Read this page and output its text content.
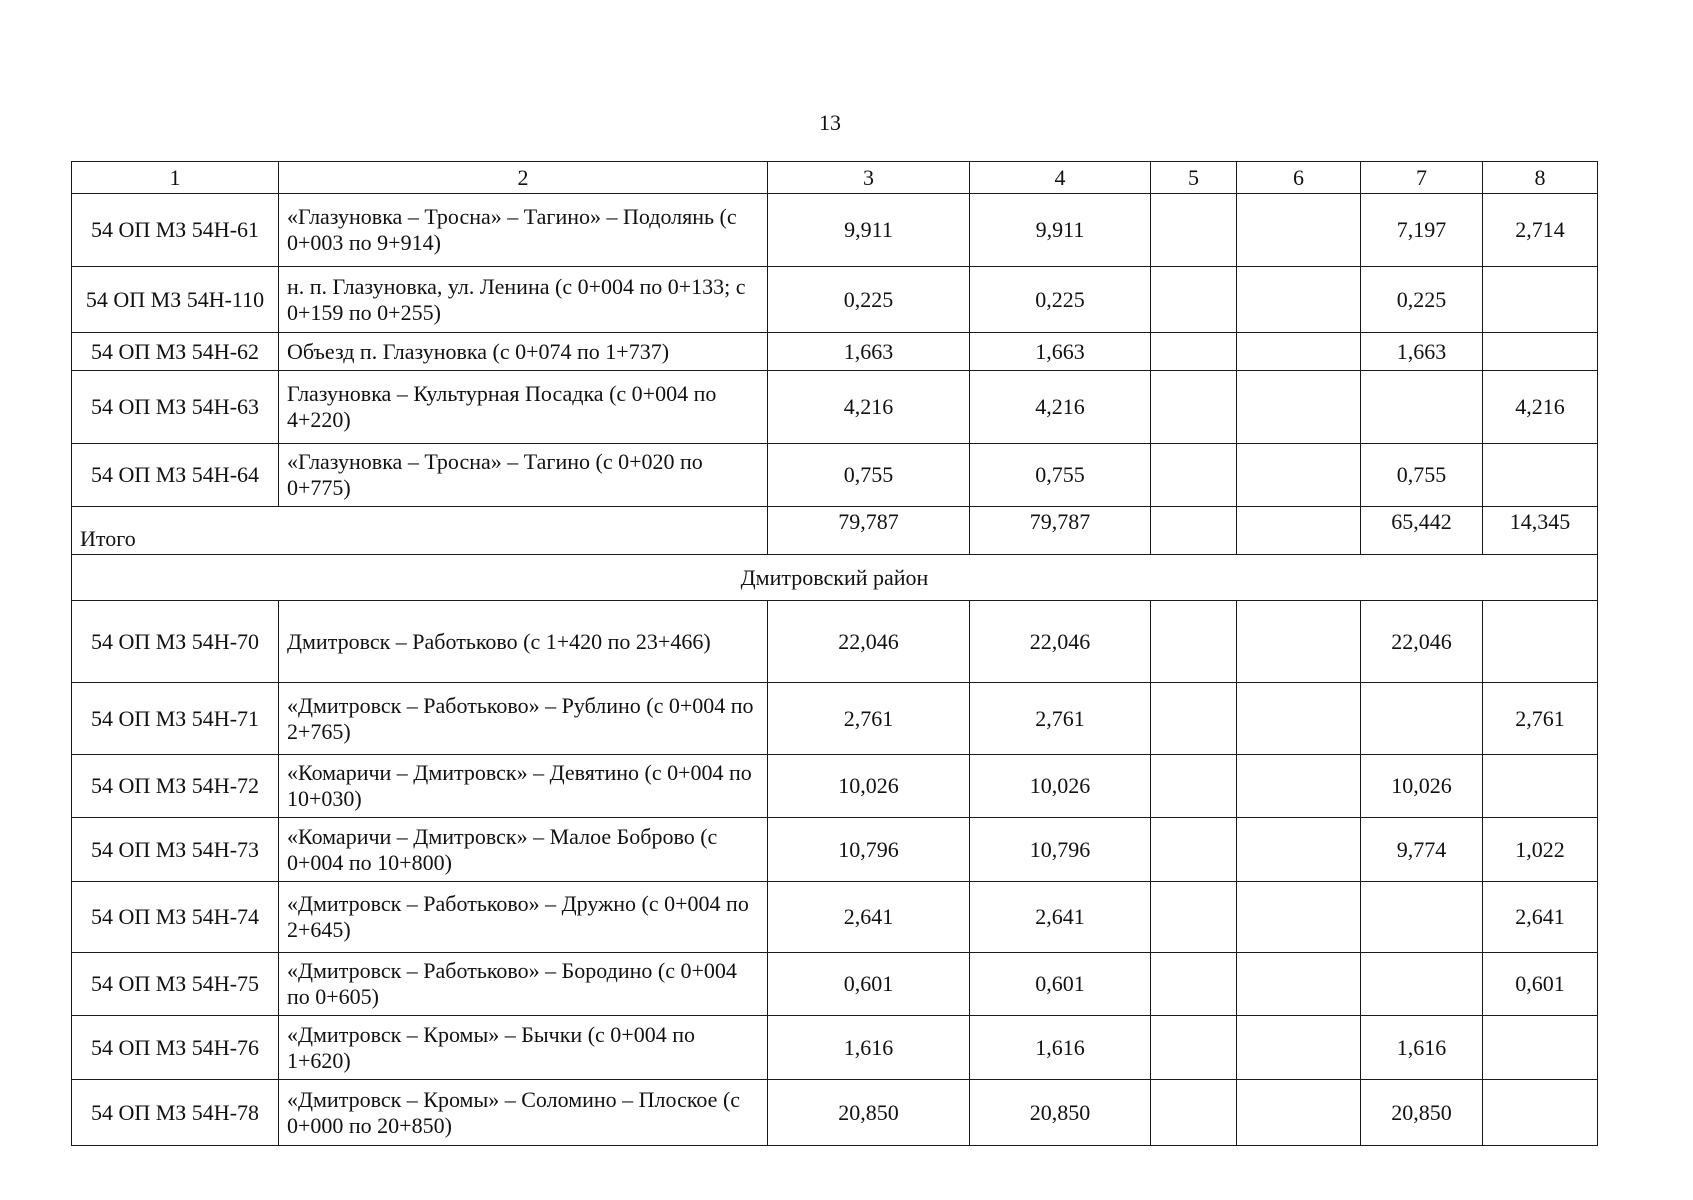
13
1	2	3	4	5	6	7	8
54 ОП МЗ 54Н-61	«Глазуновка – Тросна» – Тагино» – Подолянь (с 0+003 по 9+914)	9,911	9,911			7,197	2,714
54 ОП МЗ 54Н-110	н. п. Глазуновка, ул. Ленина (с 0+004 по 0+133; с 0+159 по 0+255)	0,225	0,225			0,225	
54 ОП МЗ 54Н-62	Объезд п. Глазуновка (с 0+074 по 1+737)	1,663	1,663			1,663	
54 ОП МЗ 54Н-63	Глазуновка – Культурная Посадка (с 0+004 по 4+220)	4,216	4,216				4,216
54 ОП МЗ 54Н-64	«Глазуновка – Тросна» – Тагино (с 0+020 по 0+775)	0,755	0,755			0,755	
Итого		79,787	79,787			65,442	14,345
Дмитровский район							
54 ОП МЗ 54Н-70	Дмитровск – Работьково (с 1+420 по 23+466)	22,046	22,046			22,046	
54 ОП МЗ 54Н-71	«Дмитровск – Работьково» – Рублино (с 0+004 по 2+765)	2,761	2,761				2,761
54 ОП МЗ 54Н-72	«Комаричи – Дмитровск» – Девятино (с 0+004 по 10+030)	10,026	10,026			10,026	
54 ОП МЗ 54Н-73	«Комаричи – Дмитровск» – Малое Боброво (с 0+004 по 10+800)	10,796	10,796			9,774	1,022
54 ОП МЗ 54Н-74	«Дмитровск – Работьково» – Дружно (с 0+004 по 2+645)	2,641	2,641				2,641
54 ОП МЗ 54Н-75	«Дмитровск – Работьково» – Бородино (с 0+004 по 0+605)	0,601	0,601				0,601
54 ОП МЗ 54Н-76	«Дмитровск – Кромы» – Бычки (с 0+004 по 1+620)	1,616	1,616			1,616	
54 ОП МЗ 54Н-78	«Дмитровск – Кромы» – Соломино – Плоское (с 0+000 по 20+850)	20,850	20,850			20,850	
